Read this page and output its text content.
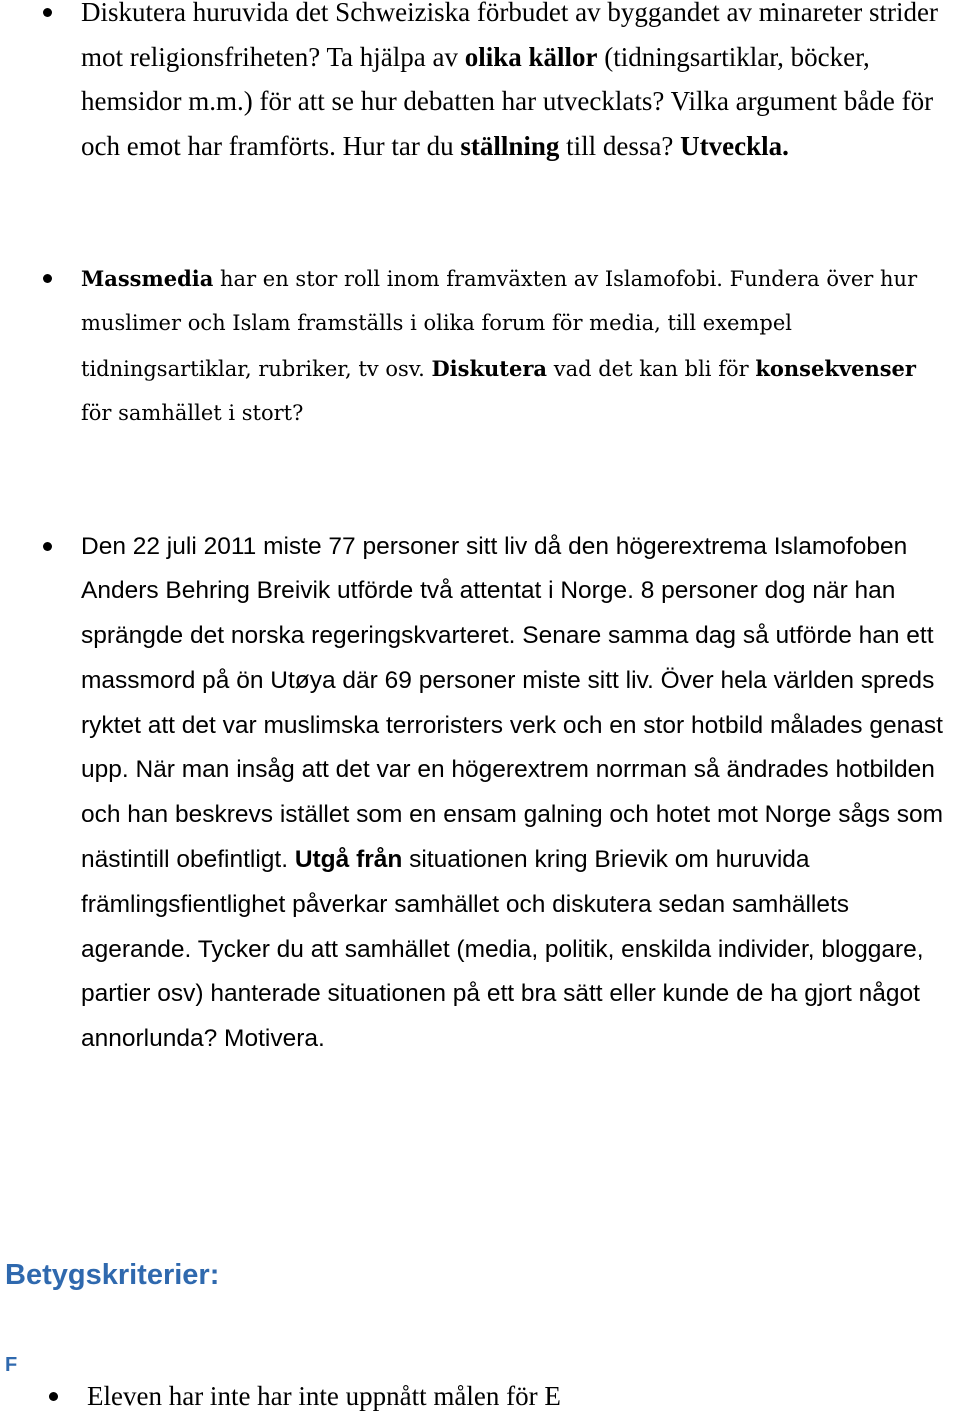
Diskutera huruvida det Schweiziska förbudet av byggandet av minareter strider
mot religionsfriheten? Ta hjälpa av olika källor (tidningsartiklar, böcker,
hemsidor m.m.) för att se hur debatten har utvecklats? Vilka argument både för
och emot har framförts. Hur tar du ställning till dessa? Utveckla.
Massmedia har en stor roll inom framväxten av Islamofobi. Fundera över hur
muslimer och Islam framställs i olika forum för media, till exempel
tidningsartiklar, rubriker, tv osv. Diskutera vad det kan bli för konsekvenser
för samhället i stort?
Den 22 juli 2011 miste 77 personer sitt liv då den högerextrema Islamofoben
Anders Behring Breivik utförde två attentat i Norge. 8 personer dog när han
sprängde det norska regeringskvarteret. Senare samma dag så utförde han ett
massmord på ön Utøya där 69 personer miste sitt liv. Över hela världen spreds
ryktet att det var muslimska terroristers verk och en stor hotbild målades genast
upp. När man insåg att det var en högerextrem norrman så ändrades hotbilden
och han beskrevs istället som en ensam galning och hotet mot Norge sågs som
nästintill obefintligt. Utgå från situationen kring Brievik om huruvida
främlingsfientlighet påverkar samhället och diskutera sedan samhällets
agerande. Tycker du att samhället (media, politik, enskilda individer, bloggare,
partier osv) hanterade situationen på ett bra sätt eller kunde de ha gjort något
annorlunda? Motivera.
Betygskriterier:
F
Eleven har inte har inte uppnått målen för E
